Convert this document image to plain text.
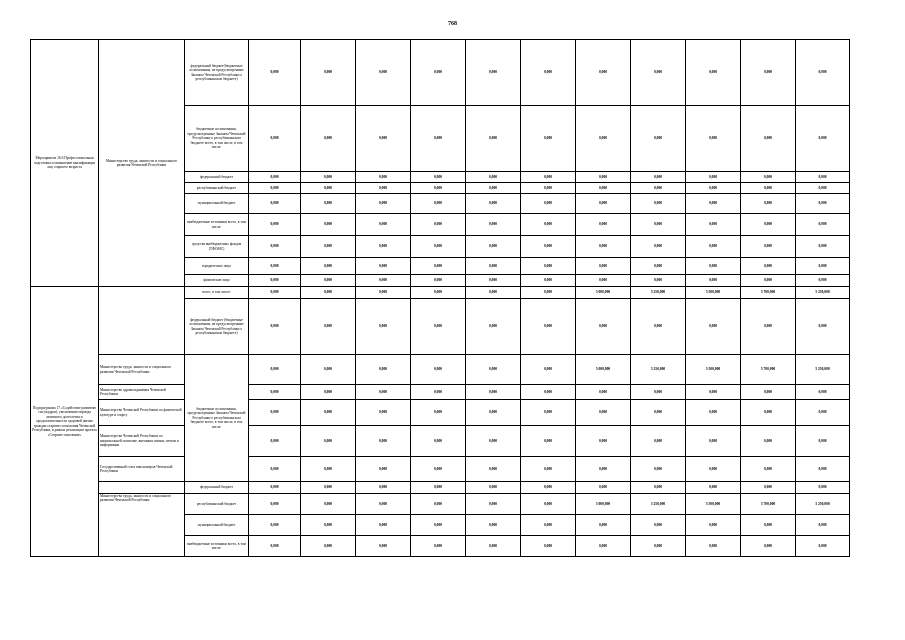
768
Мероприятие 16.6 Профессиональная подготовка и повышение квалификации лиц старшего возраста	Министерство труда, занятости и социального развития Чеченской Республики	федеральный бюджет(бюджетные ассигнования, не предусмотренные Законом Чеченской Республики о республиканском бюджете)	0,000	0,000	0,000	0,000	0,000	0,000	0,000	0,000	0,000	0,000	0,000
		бюджетные ассигнования, предусмотренные Законом Чеченской Республики о республиканском бюджете всего, в том числе, в том числе:	0,000	0,000	0,000	0,000	0,000	0,000	0,000	0,000	0,000	0,000	0,000
		федеральный бюджет	0,000	0,000	0,000	0,000	0,000	0,000	0,000	0,000	0,000	0,000	0,000
		республиканский бюджет	0,000	0,000	0,000	0,000	0,000	0,000	0,000	0,000	0,000	0,000	0,000
		муниципальный бюджет	0,000	0,000	0,000	0,000	0,000	0,000	0,000	0,000	0,000	0,000	0,000
		внебюджетные источники всего, в том числе:	0,000	0,000	0,000	0,000	0,000	0,000	0,000	0,000	0,000	0,000	0,000
		средства внебюджетных фондов (ТФОМС)	0,000	0,000	0,000	0,000	0,000	0,000	0,000	0,000	0,000	0,000	0,000
		юридические лица	0,000	0,000	0,000	0,000	0,000	0,000	0,000	0,000	0,000	0,000	0,000
		физические лица	0,000	0,000	0,000	0,000	0,000	0,000	0,000	0,000	0,000	0,000	0,000
Подпрограмма 17 «Содействие развитию сил (кадров), увеличению периода активного долголетия и продолжительности здоровой жизни граждан старшего поколения Чеченской Республики, в рамках реализации проекта «Старшее поколение»		всего, в том числе:	0,000	0,000	0,000	0,000	0,000	0,000	5 000,000	5 250,000	5 500,000	5 700,000	5 250,000
		федеральный бюджет (бюджетные ассигнования, не предусмотренные Законом Чеченской Республики о республиканском бюджете)	0,000	0,000	0,000	0,000	0,000	0,000	0,000	0,000	0,000	0,000	0,000
	Министерство труда, занятости и социального развития Чеченской Республики	бюджетные ассигнования, предусмотренные Законом Чеченской Республики о республиканском бюджете всего, в том числе, в том числе:	0,000	0,000	0,000	0,000	0,000	0,000	5 000,000	5 250,000	5 500,000	5 700,000	5 250,000
	Министерство здравоохранения Чеченской Республики		0,000	0,000	0,000	0,000	0,000	0,000	0,000	0,000	0,000	0,000	0,000
	Министерство Чеченской Республики по физической культуре и спорту		0,000	0,000	0,000	0,000	0,000	0,000	0,000	0,000	0,000	0,000	0,000
	Министерство Чеченской Республики по национальной политике, внешним связям, печати и информации		0,000	0,000	0,000	0,000	0,000	0,000	0,000	0,000	0,000	0,000	0,000
	Государственный союз пенсионеров Чеченской Республики		0,000	0,000	0,000	0,000	0,000	0,000	0,000	0,000	0,000	0,000	0,000
		федеральный бюджет	0,000	0,000	0,000	0,000	0,000	0,000	0,000	0,000	0,000	0,000	0,000
	Министерство труда, занятости и социального развития Чеченской Республики	республиканский бюджет	0,000	0,000	0,000	0,000	0,000	0,000	5 000,000	5 250,000	5 500,000	5 700,000	5 250,000
		муниципальный бюджет	0,000	0,000	0,000	0,000	0,000	0,000	0,000	0,000	0,000	0,000	0,000
		внебюджетные источники всего, в том числе:	0,000	0,000	0,000	0,000	0,000	0,000	0,000	0,000	0,000	0,000	0,000
